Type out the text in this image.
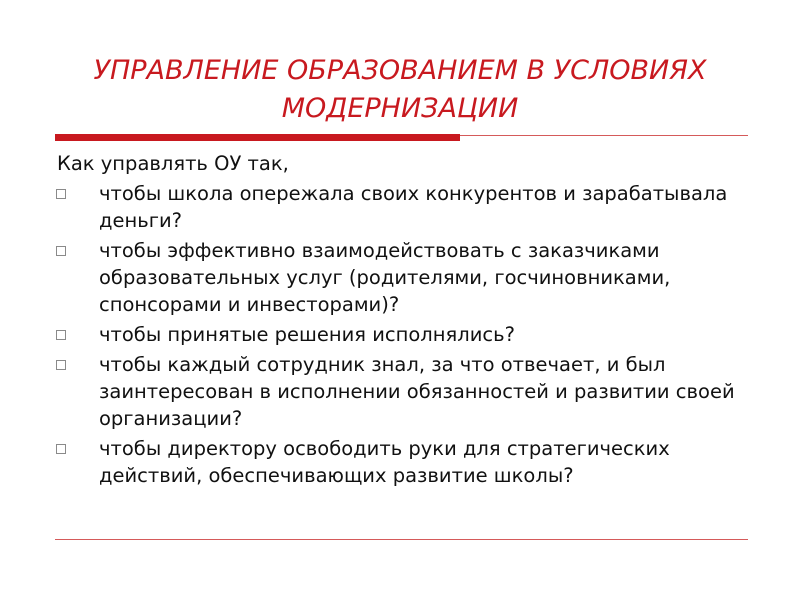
УПРАВЛЕНИЕ ОБРАЗОВАНИЕМ В УСЛОВИЯХ МОДЕРНИЗАЦИИ
Как управлять ОУ так,
чтобы школа опережала своих конкурентов и зарабатывала деньги?
чтобы эффективно взаимодействовать с заказчиками образовательных услуг (родителями, госчиновниками, спонсорами и инвесторами)?
чтобы принятые решения исполнялись?
чтобы каждый сотрудник знал, за что отвечает, и был заинтересован в исполнении обязанностей и развитии своей организации?
чтобы директору освободить руки для стратегических действий, обеспечивающих развитие школы?
